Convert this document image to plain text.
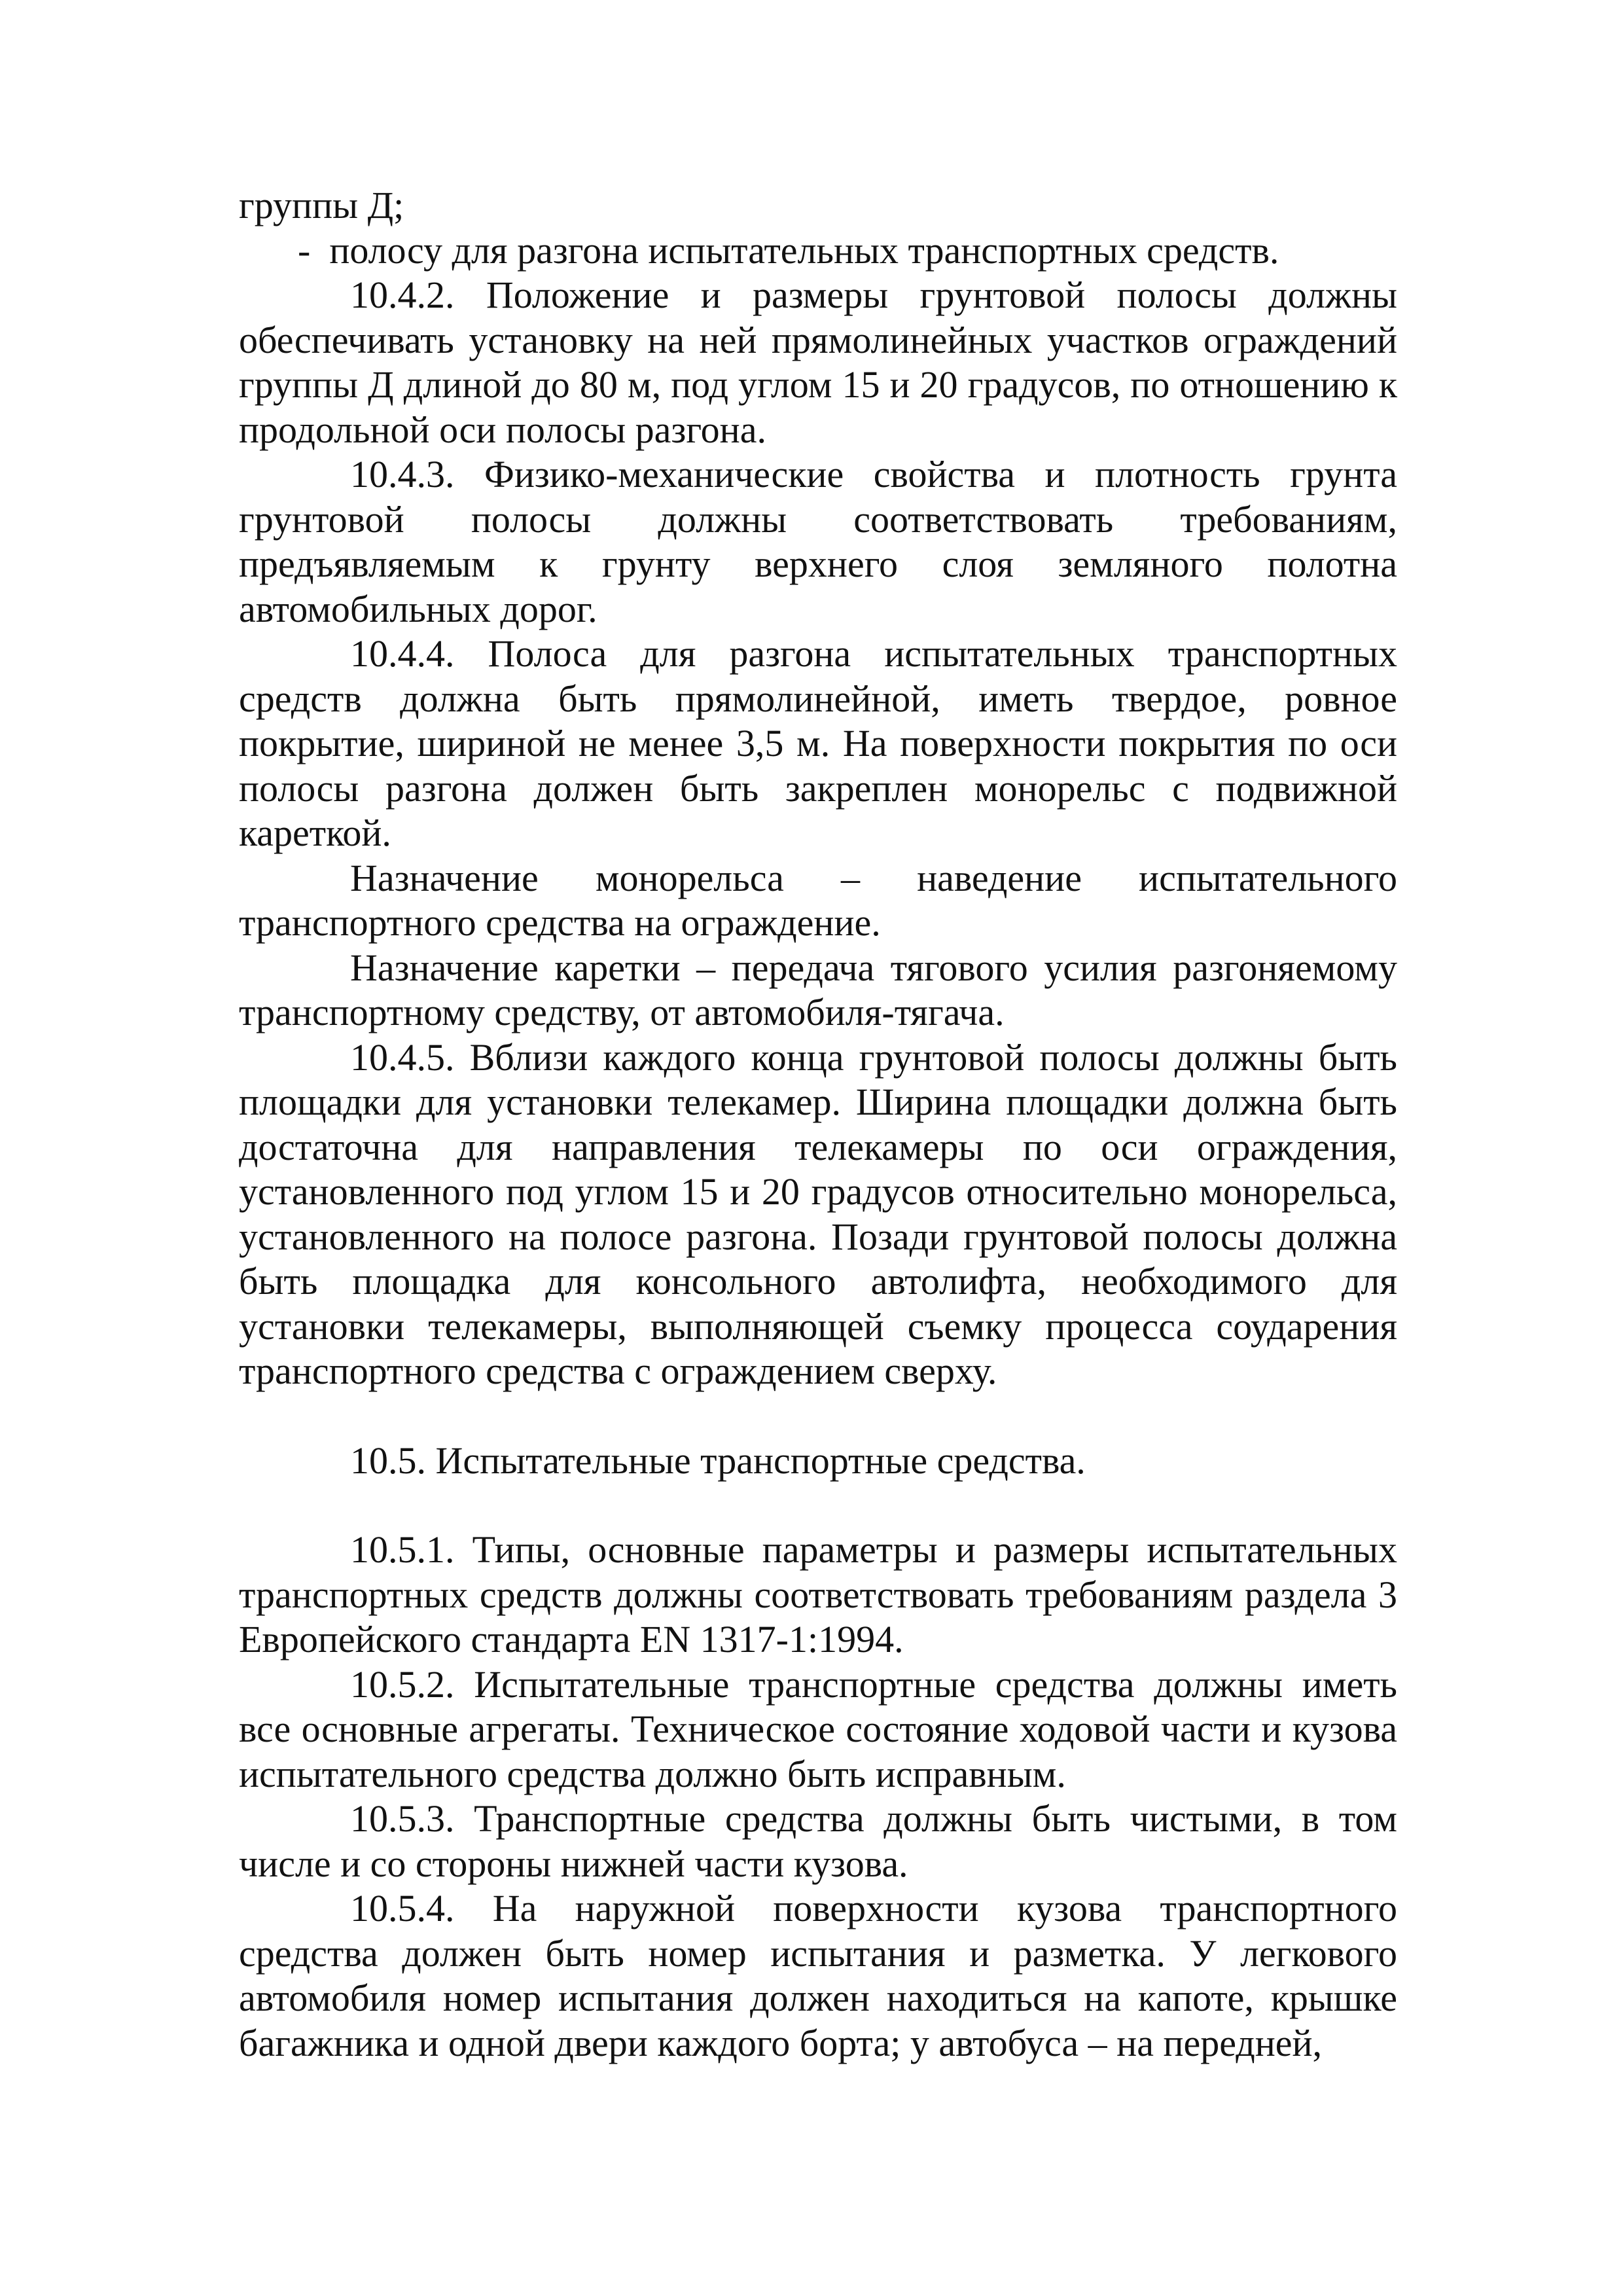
группы Д;

-  полосу для разгона испытательных транспортных средств.

10.4.2. Положение и размеры грунтовой полосы должны обеспечивать установку на ней прямолинейных участков ограждений группы Д длиной до 80 м, под углом 15 и 20 градусов, по отношению к продольной оси полосы разгона.

10.4.3. Физико-механические свойства и плотность грунта грунтовой полосы должны соответствовать требованиям, предъявляемым к грунту верхнего слоя земляного полотна автомобильных дорог.

10.4.4. Полоса для разгона испытательных транспортных средств должна быть прямолинейной, иметь твердое, ровное покрытие, шириной не менее 3,5 м. На поверхности покрытия по оси полосы разгона должен быть закреплен монорельс с подвижной кареткой.

Назначение монорельса – наведение испытательного транспортного средства на ограждение.

Назначение каретки – передача тягового усилия разгоняемому транспортному средству, от автомобиля-тягача.

10.4.5. Вблизи каждого конца грунтовой полосы должны быть площадки для установки телекамер. Ширина площадки должна быть достаточна для направления телекамеры по оси ограждения, установленного под углом 15 и 20 градусов относительно монорельса, установленного на полосе разгона. Позади грунтовой полосы должна быть площадка для консольного автолифта, необходимого для установки телекамеры, выполняющей съемку процесса соударения транспортного средства с ограждением сверху.

10.5. Испытательные транспортные средства.

10.5.1. Типы, основные параметры и размеры испытательных транспортных средств должны соответствовать требованиям раздела 3 Европейского стандарта EN 1317-1:1994.

10.5.2. Испытательные транспортные средства должны иметь все основные агрегаты. Техническое состояние ходовой части и кузова испытательного средства должно быть исправным.

10.5.3. Транспортные средства должны быть чистыми, в том числе и со стороны нижней части кузова.

10.5.4. На наружной поверхности кузова транспортного средства должен быть номер испытания и разметка. У легкового автомобиля номер испытания должен находиться на капоте, крышке багажника и одной двери каждого борта; у автобуса – на передней,
